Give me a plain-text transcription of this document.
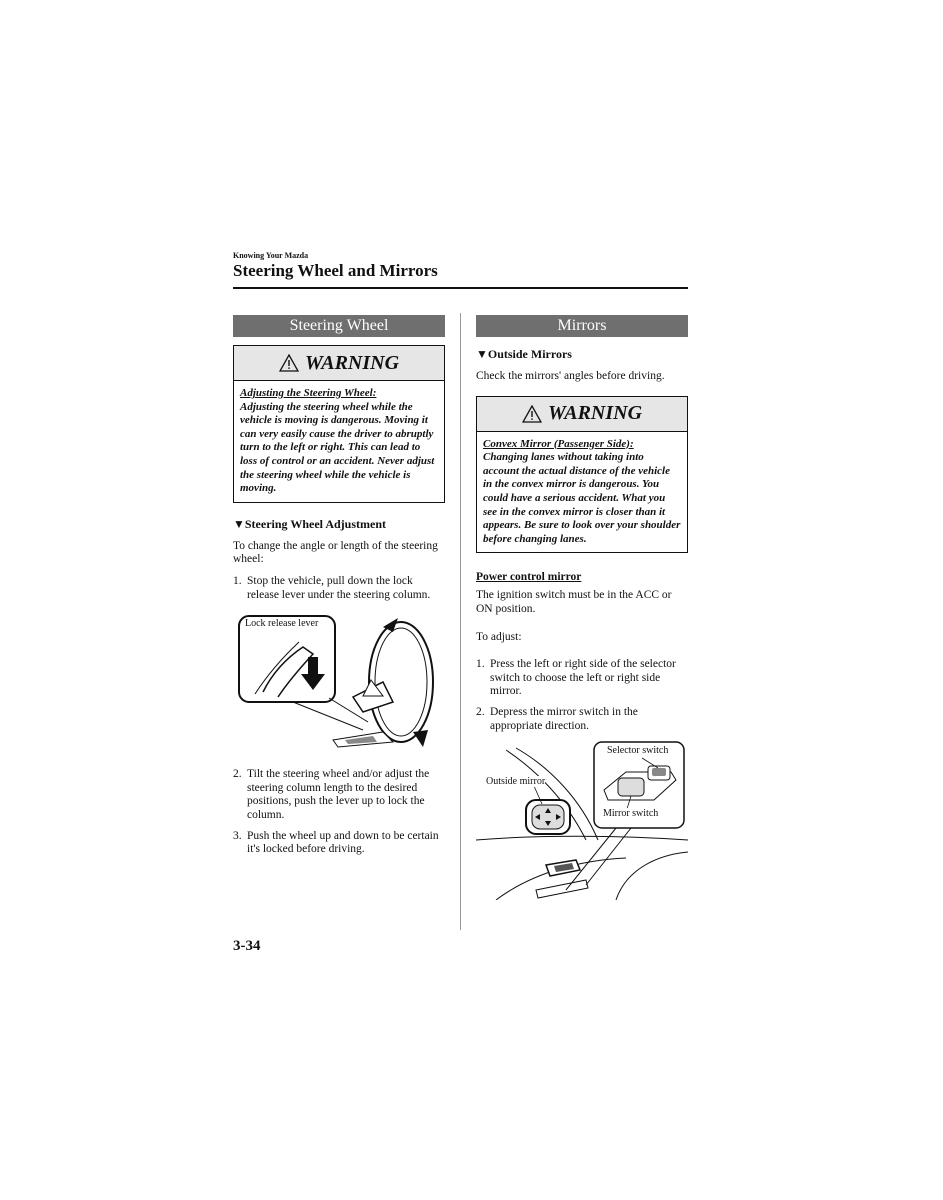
Knowing Your Mazda
Steering Wheel and Mirrors
Steering Wheel
WARNING
Adjusting the Steering Wheel:
Adjusting the steering wheel while the vehicle is moving is dangerous. Moving it can very easily cause the driver to abruptly turn to the left or right. This can lead to loss of control or an accident. Never adjust the steering wheel while the vehicle is moving.
▼Steering Wheel Adjustment
To change the angle or length of the steering wheel:
1. Stop the vehicle, pull down the lock release lever under the steering column.
Lock release lever
2. Tilt the steering wheel and/or adjust the steering column length to the desired positions, push the lever up to lock the column.
3. Push the wheel up and down to be certain it's locked before driving.
Mirrors
▼Outside Mirrors
Check the mirrors' angles before driving.
WARNING
Convex Mirror (Passenger Side):
Changing lanes without taking into account the actual distance of the vehicle in the convex mirror is dangerous. You could have a serious accident. What you see in the convex mirror is closer than it appears. Be sure to look over your shoulder before changing lanes.
Power control mirror
The ignition switch must be in the ACC or ON position.
To adjust:
1. Press the left or right side of the selector switch to choose the left or right side mirror.
2. Depress the mirror switch in the appropriate direction.
Selector switch
Outside mirror
Mirror switch
3-34
